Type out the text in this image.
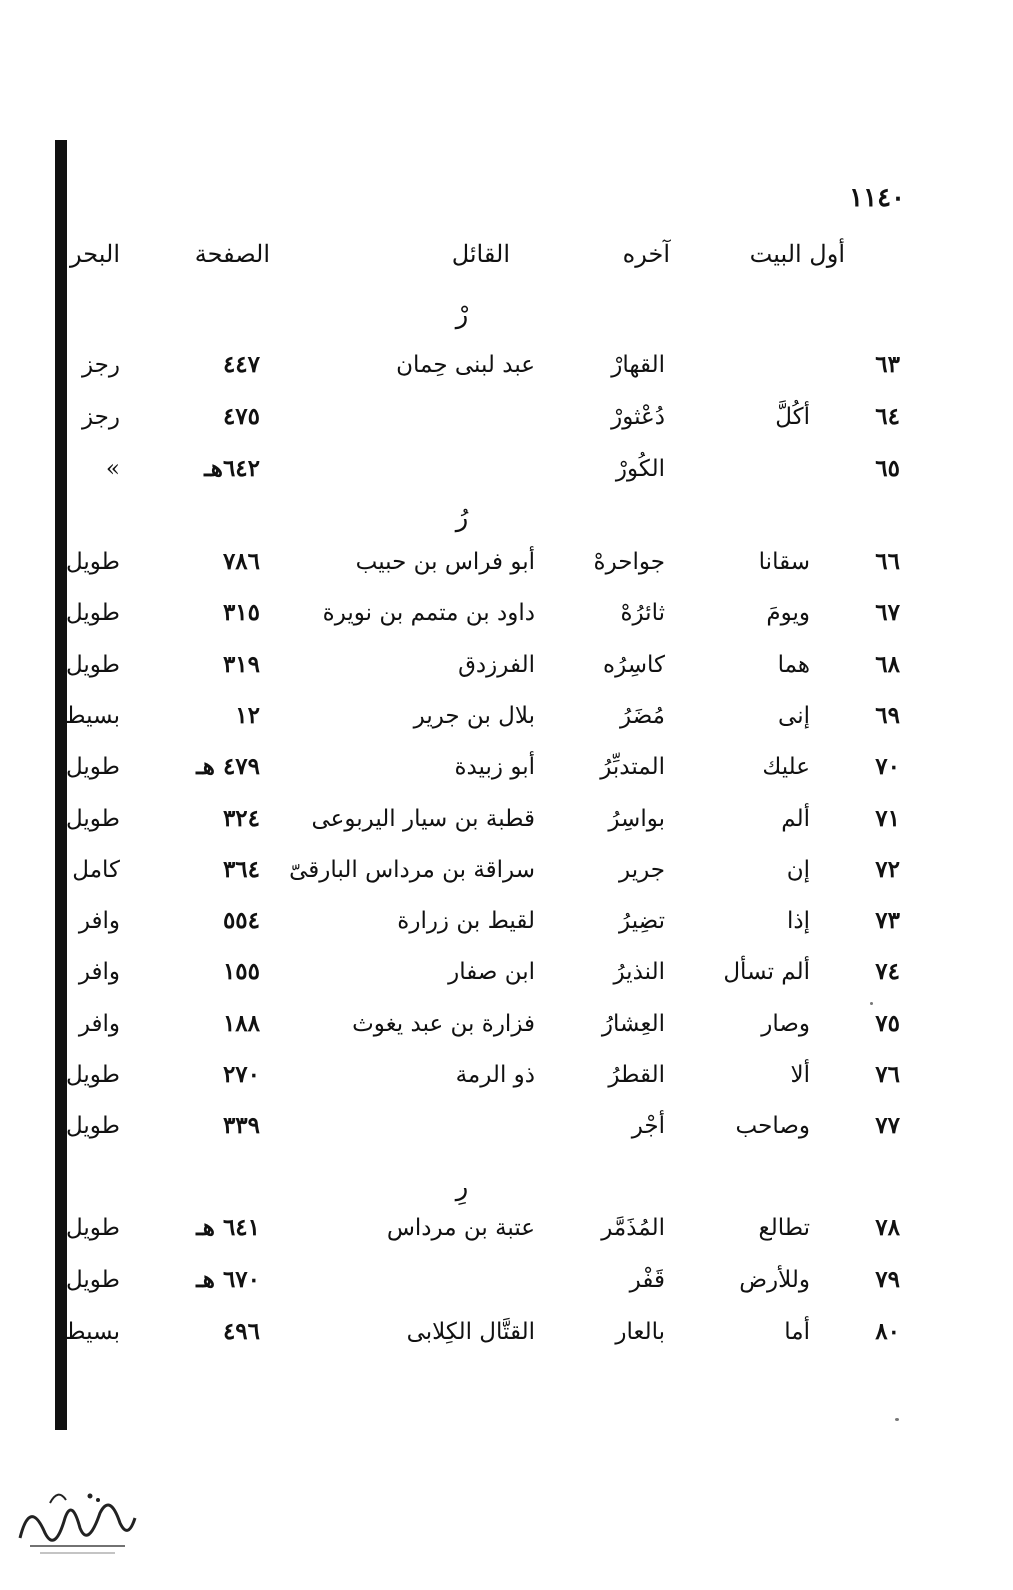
١١٤٠
أول البيت
آخره
القائل
الصفحة
البحر
رْ
٦٣
القهارْ
عبد لبنى حِمان
٤٤٧
رجز
٦٤
أكُلَّ
دُعْثورْ
٤٧٥
رجز
٦٥
الكُورْ
٦٤٢هـ
»
رُ
٦٦
سقانا
جواحرهْ
أبو فراس بن حبيب
٧٨٦
طويل
٦٧
ويومَ
ثائرُهْ
داود بن متمم بن نويرة
٣١٥
طويل
٦٨
هما
كاسِرُه
الفرزدق
٣١٩
طويل
٦٩
إنى
مُضَرُ
بلال بن جرير
١٢
بسيط
٧٠
عليك
المتدبِّرُ
أبو زبيدة
٤٧٩ هـ
طويل
٧١
ألم
بواسِرُ
قطبة بن سيار اليربوعى
٣٢٤
طويل
٧٢
إن
جرير
سراقة بن مرداس البارقىّ
٣٦٤
كامل
٧٣
إذا
تضِيرُ
لقيط بن زرارة
٥٥٤
وافر
٧٤
ألم تسأل
النذيرُ
ابن صفار
١٥٥
وافر
٧٥
وصار
العِشارُ
فزارة بن عبد يغوث
١٨٨
وافر
٧٦
ألا
القطرُ
ذو الرمة
٢٧٠
طويل
٧٧
وصاحب
أجْر
٣٣٩
طويل
رِ
٧٨
تطالع
المُذَمَّر
عتبة بن مرداس
٦٤١ هـ
طويل
٧٩
وللأرض
قَفْر
٦٧٠ هـ
طويل
٨٠
أما
بالعار
القتَّال الكِلابى
٤٩٦
بسيط
